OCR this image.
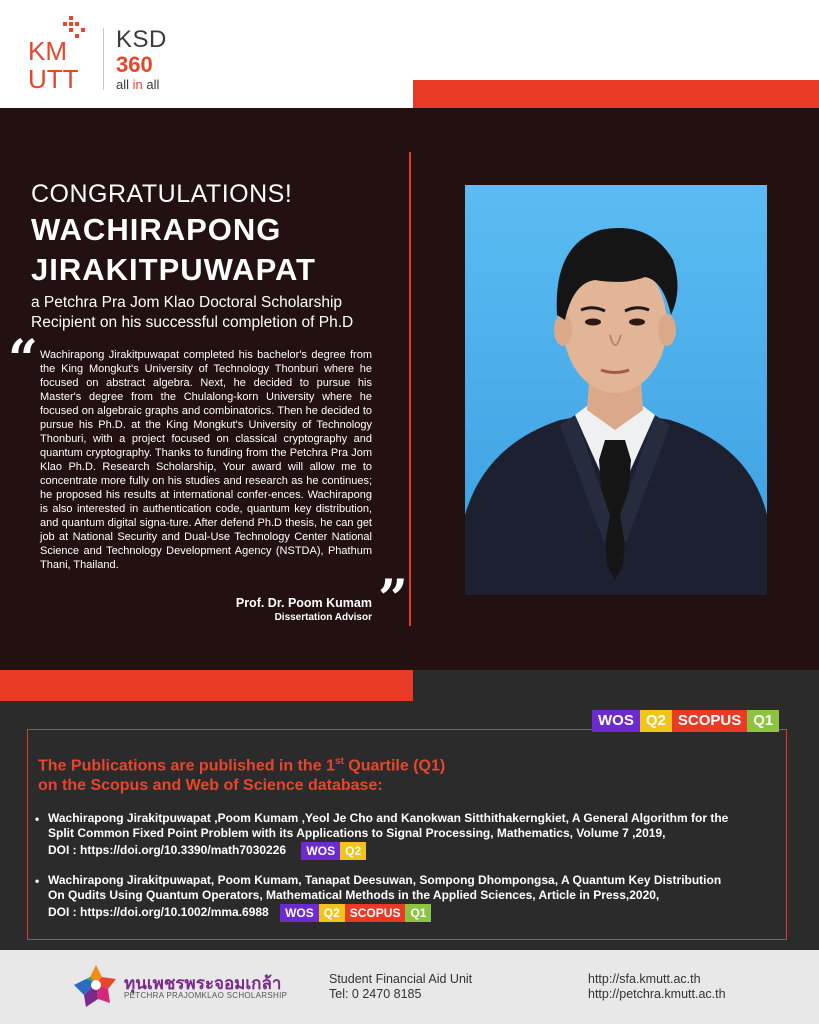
KM
UTT
KSD
360
all in all
CONGRATULATIONS!
WACHIRAPONG
JIRAKITPUWAPAT
a Petchra Pra Jom Klao Doctoral Scholarship
Recipient on his successful completion of Ph.D
“ Wachirapong Jirakitpuwapat completed his bachelor's degree from the King Mongkut's University of Technology Thonburi where he focused on abstract algebra. Next, he decided to pursue his Master's degree from the Chulalong-korn University where he focused on algebraic graphs and combinatorics. Then he decided to pursue his Ph.D. at the King Mongkut's University of Technology Thonburi, with a project focused on classical cryptography and quantum cryptography. Thanks to funding from the Petchra Pra Jom Klao Ph.D. Research Scholarship, Your award will allow me to concentrate more fully on his studies and research as he continues; he proposed his results at international confer-ences. Wachirapong is also interested in authentication code, quantum key distribution, and quantum digital signa-ture. After defend Ph.D thesis, he can get job at National Security and Dual-Use Technology Center National Science and Technology Development Agency (NSTDA), Phathum Thani, Thailand.
Prof. Dr. Poom Kumam
Dissertation Advisor ”
WOS Q2 SCOPUS Q1
The Publications are published in the 1st Quartile (Q1)
on the Scopus and Web of Science database:
• Wachirapong Jirakitpuwapat ,Poom Kumam ,Yeol Je Cho and Kanokwan Sitthithakerngkiet, A General Algorithm for the
Split Common Fixed Point Problem with its Applications to Signal Processing, Mathematics, Volume 7 ,2019,
DOI : https://doi.org/10.3390/math7030226 WOS Q2
• Wachirapong Jirakitpuwapat, Poom Kumam, Tanapat Deesuwan, Sompong Dhompongsa, A Quantum Key Distribution
On Qudits Using Quantum Operators, Mathematical Methods in the Applied Sciences, Article in Press,2020,
DOI : https://doi.org/10.1002/mma.6988 WOS Q2 SCOPUS Q1
ทุนเพชรพระจอมเกล้า
PETCHRA PRAJOMKLAO SCHOLARSHIP
Student Financial Aid Unit
Tel: 0 2470 8185
http://sfa.kmutt.ac.th
http://petchra.kmutt.ac.th
